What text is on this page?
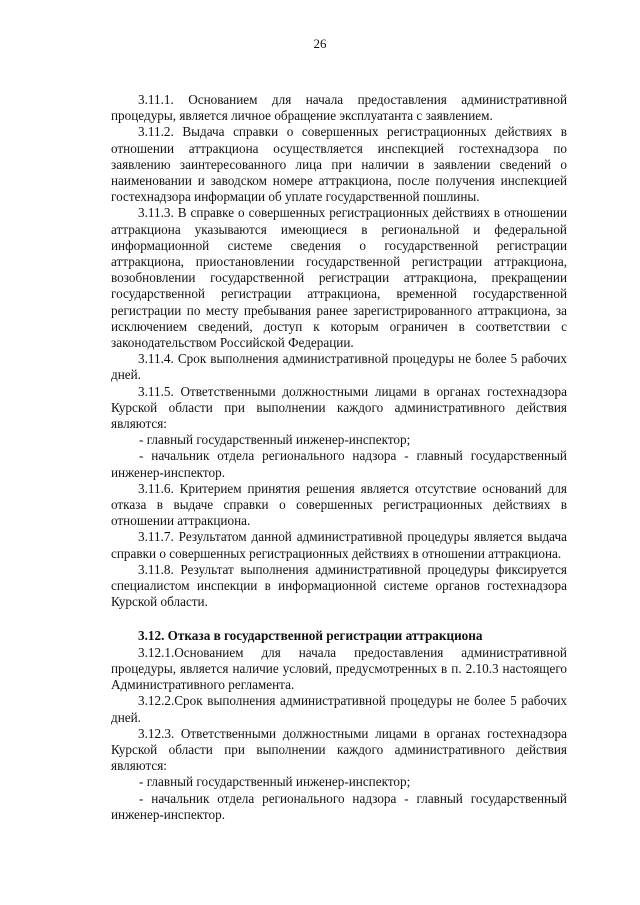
26

3.11.1. Основанием для начала предоставления административной процедуры, является личное обращение эксплуатанта с заявлением.

3.11.2. Выдача справки о совершенных регистрационных действиях в отношении аттракциона осуществляется инспекцией гостехнадзора по заявлению заинтересованного лица при наличии в заявлении сведений о наименовании и заводском номере аттракциона, после получения инспекцией гостехнадзора информации об уплате государственной пошлины.

3.11.3. В справке о совершенных регистрационных действиях в отношении аттракциона указываются имеющиеся в региональной и федеральной информационной системе сведения о государственной регистрации аттракциона, приостановлении государственной регистрации аттракциона, возобновлении государственной регистрации аттракциона, прекращении государственной регистрации аттракциона, временной государственной регистрации по месту пребывания ранее зарегистрированного аттракциона, за исключением сведений, доступ к которым ограничен в соответствии с законодательством Российской Федерации.

3.11.4. Срок выполнения административной процедуры не более 5 рабочих дней.

3.11.5. Ответственными должностными лицами в органах гостехнадзора Курской области при выполнении каждого административного действия являются:

- главный государственный инженер-инспектор;

- начальник отдела регионального надзора - главный государственный инженер-инспектор.

3.11.6. Критерием принятия решения является отсутствие оснований для отказа в выдаче справки о совершенных регистрационных действиях в отношении аттракциона.

3.11.7. Результатом данной административной процедуры является выдача справки о совершенных регистрационных действиях в отношении аттракциона.

3.11.8. Результат выполнения административной процедуры фиксируется специалистом инспекции в информационной системе органов гостехнадзора Курской области.

3.12. Отказа в государственной регистрации аттракциона

3.12.1.Основанием для начала предоставления административной процедуры, является наличие условий, предусмотренных в п. 2.10.3 настоящего Административного регламента.

3.12.2.Срок выполнения административной процедуры не более 5 рабочих дней.

3.12.3. Ответственными должностными лицами в органах гостехнадзора Курской области при выполнении каждого административного действия являются:

- главный государственный инженер-инспектор;

- начальник отдела регионального надзора - главный государственный инженер-инспектор.
